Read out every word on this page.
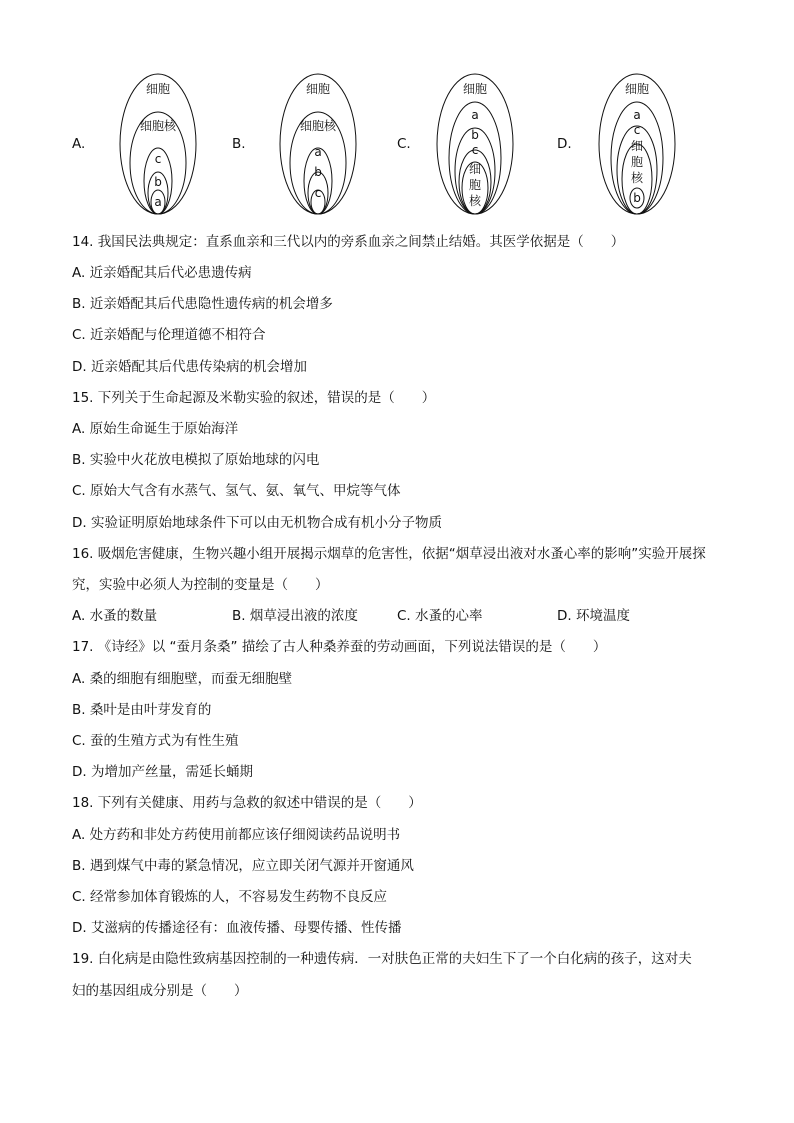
A.
细胞
细胞核
c
b
a
B.
细胞
细胞核
a
b
c
C.
细胞
a
b
c
细
胞
核
D.
细胞
a
c
细
胞
核
b
14. 我国民法典规定：直系血亲和三代以内的旁系血亲之间禁止结婚。其医学依据是（　　）
A. 近亲婚配其后代必患遗传病
B. 近亲婚配其后代患隐性遗传病的机会增多
C. 近亲婚配与伦理道德不相符合
D. 近亲婚配其后代患传染病的机会增加
15. 下列关于生命起源及米勒实验的叙述，错误的是（　　）
A. 原始生命诞生于原始海洋
B. 实验中火花放电模拟了原始地球的闪电
C. 原始大气含有水蒸气、氢气、氨、氧气、甲烷等气体
D. 实验证明原始地球条件下可以由无机物合成有机小分子物质
16. 吸烟危害健康，生物兴趣小组开展揭示烟草的危害性，依据“烟草浸出液对水蚤心率的影响”实验开展探
究，实验中必须人为控制的变量是（　　）
A. 水蚤的数量	B. 烟草浸出液的浓度	C. 水蚤的心率	D. 环境温度
17. 《诗经》以 “蚕月条桑” 描绘了古人种桑养蚕的劳动画面，下列说法错误的是（　　）
A. 桑的细胞有细胞壁，而蚕无细胞壁
B. 桑叶是由叶芽发育的
C. 蚕的生殖方式为有性生殖
D. 为增加产丝量，需延长蛹期
18. 下列有关健康、用药与急救的叙述中错误的是（　　）
A. 处方药和非处方药使用前都应该仔细阅读药品说明书
B. 遇到煤气中毒的紧急情况，应立即关闭气源并开窗通风
C. 经常参加体育锻炼的人，不容易发生药物不良反应
D. 艾滋病的传播途径有：血液传播、母婴传播、性传播
19. 白化病是由隐性致病基因控制的一种遗传病．一对肤色正常的夫妇生下了一个白化病的孩子，这对夫
妇的基因组成分别是（　　）
